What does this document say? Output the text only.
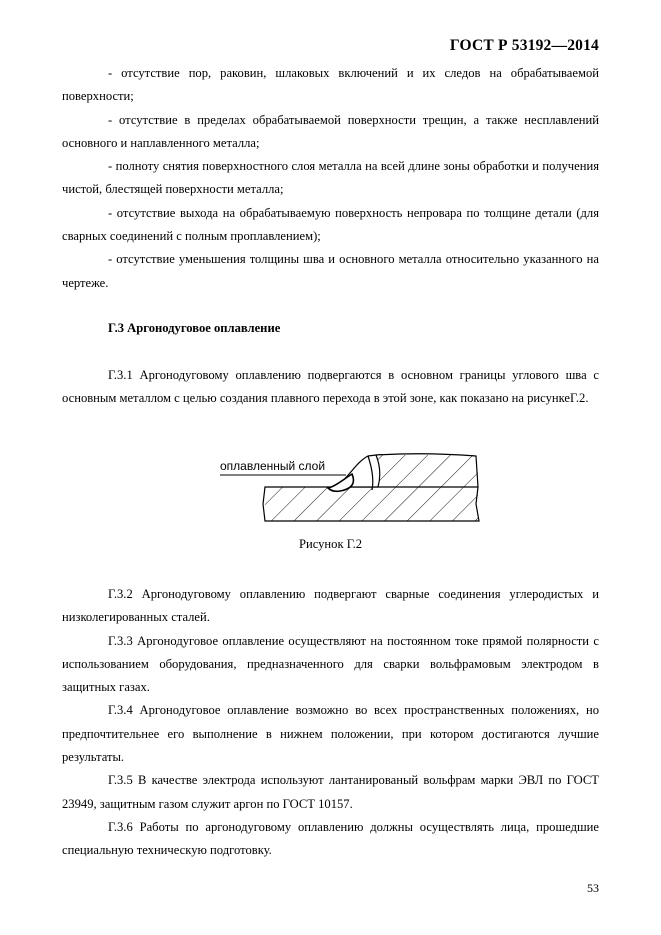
ГОСТ Р 53192—2014

- отсутствие пор, раковин, шлаковых включений и их следов на обрабатываемой поверхности;

- отсутствие в пределах обрабатываемой поверхности трещин, а также несплавлений основного и наплавленного металла;

- полноту снятия поверхностного слоя металла на всей длине зоны обработки и получения чистой, блестящей поверхности металла;

- отсутствие выхода на обрабатываемую поверхность непровара по толщине детали (для сварных соединений с полным проплавлением);

- отсутствие уменьшения толщины шва и основного металла относительно указанного на чертеже.

Г.3 Аргонодуговое оплавление

Г.3.1 Аргонодуговому оплавлению подвергаются в основном границы углового шва с основным металлом с целью создания плавного перехода в этой зоне, как показано на рисункеГ.2.

оплавленный слой
Рисунок Г.2

Г.3.2 Аргонодуговому оплавлению подвергают сварные соединения углеродистых и низколегированных сталей.

Г.3.3 Аргонодуговое оплавление осуществляют на постоянном токе прямой полярности с использованием оборудования, предназначенного для сварки вольфрамовым электродом в защитных газах.

Г.3.4 Аргонодуговое оплавление возможно во всех пространственных положениях, но предпочтительнее его выполнение в нижнем положении, при котором достигаются лучшие результаты.

Г.3.5 В качестве электрода используют лантанированый вольфрам марки ЭВЛ по ГОСТ 23949, защитным газом служит аргон по ГОСТ 10157.

Г.3.6 Работы по аргонодуговому оплавлению должны осуществлять лица, прошедшие специальную техническую подготовку.

53
